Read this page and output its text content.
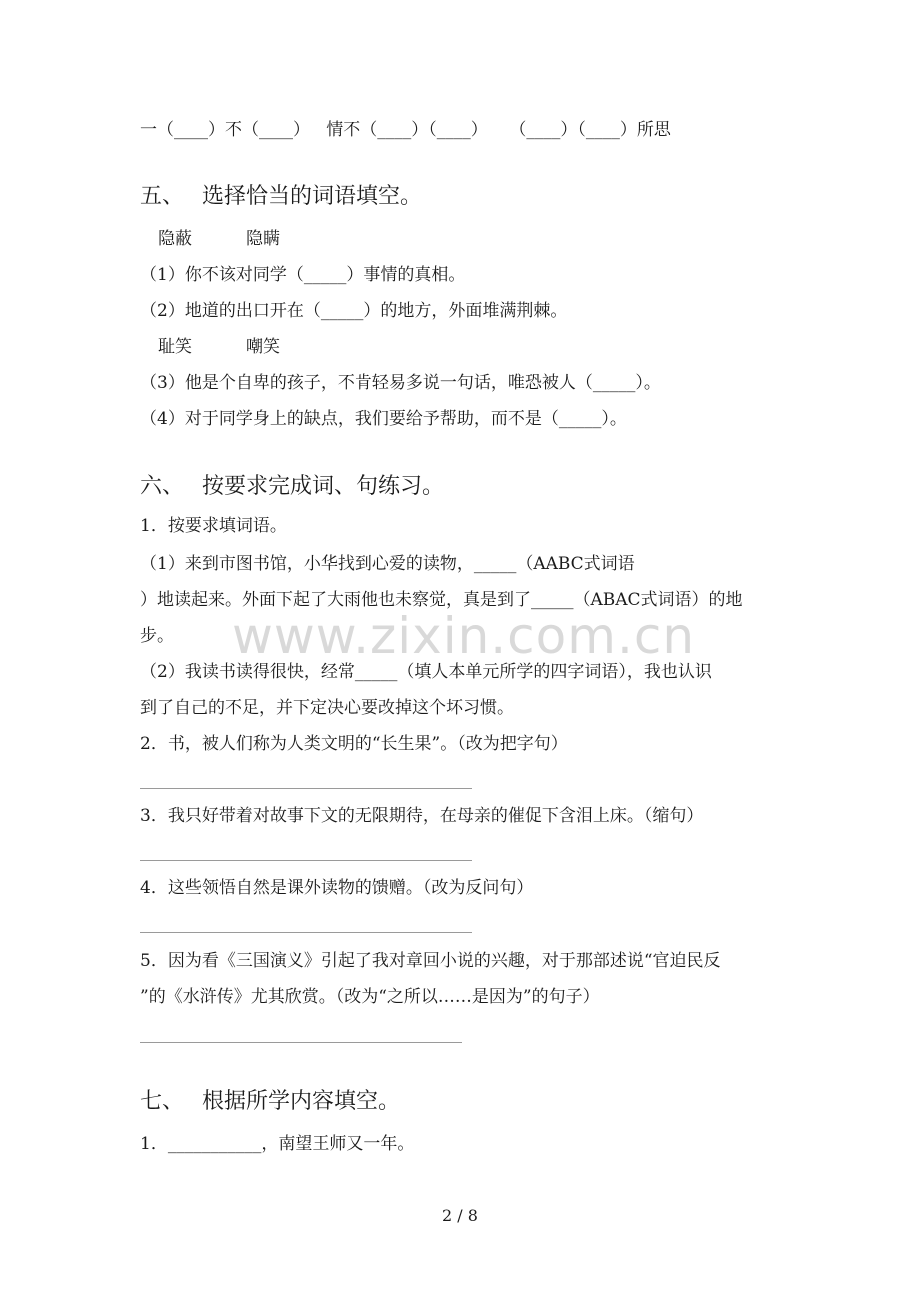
一（____）不（____）   情不（____）（____）    （____）（____）所思
五、 选择恰当的词语填空。
隐蔽          隐瞒
（1）你不该对同学（_____）事情的真相。
（2）地道的出口开在（_____）的地方，外面堆满荆棘。
耻笑          嘲笑
（3）他是个自卑的孩子，不肯轻易多说一句话，唯恐被人（_____）。
（4）对于同学身上的缺点，我们要给予帮助，而不是（_____）。
六、 按要求完成词、句练习。
1．按要求填词语。
（1）来到市图书馆，小华找到心爱的读物，_____（AABC式词语
）地读起来。外面下起了大雨他也未察觉，真是到了_____（ABAC式词语）的地
步。
（2）我读书读得很快，经常_____（填人本单元所学的四字词语），我也认识
到了自己的不足，并下定决心要改掉这个坏习惯。
2．书，被人们称为人类文明的“长生果”。（改为把字句）
3．我只好带着对故事下文的无限期待，在母亲的催促下含泪上床。（缩句）
4．这些领悟自然是课外读物的馈赠。（改为反问句）
5．因为看《三国演义》引起了我对章回小说的兴趣，对于那部述说“官迫民反
”的《水浒传》尤其欣赏。（改为“之所以……是因为”的句子）
七、 根据所学内容填空。
1．___________，南望王师又一年。
www.zixin.com.cn
2 / 8
